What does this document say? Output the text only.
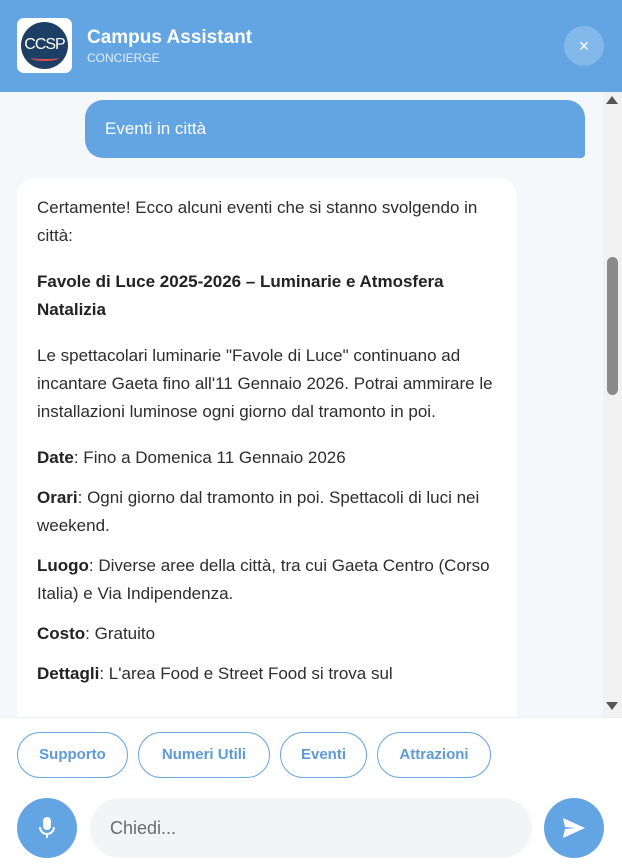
CCSP Campus Assistant
CONCIERGE
×
Eventi in città

Certamente! Ecco alcuni eventi che si stanno svolgendo in città:

Favole di Luce 2025-2026 – Luminarie e Atmosfera Natalizia

Le spettacolari luminarie "Favole di Luce" continuano ad incantare Gaeta fino all'11 Gennaio 2026. Potrai ammirare le installazioni luminose ogni giorno dal tramonto in poi.

Date: Fino a Domenica 11 Gennaio 2026

Orari: Ogni giorno dal tramonto in poi. Spettacoli di luci nei weekend.

Luogo: Diverse aree della città, tra cui Gaeta Centro (Corso Italia) e Via Indipendenza.

Costo: Gratuito

Dettagli: L'area Food e Street Food si trova sul

Supporto	Numeri Utili	Eventi	Attrazioni
Chiedi...
